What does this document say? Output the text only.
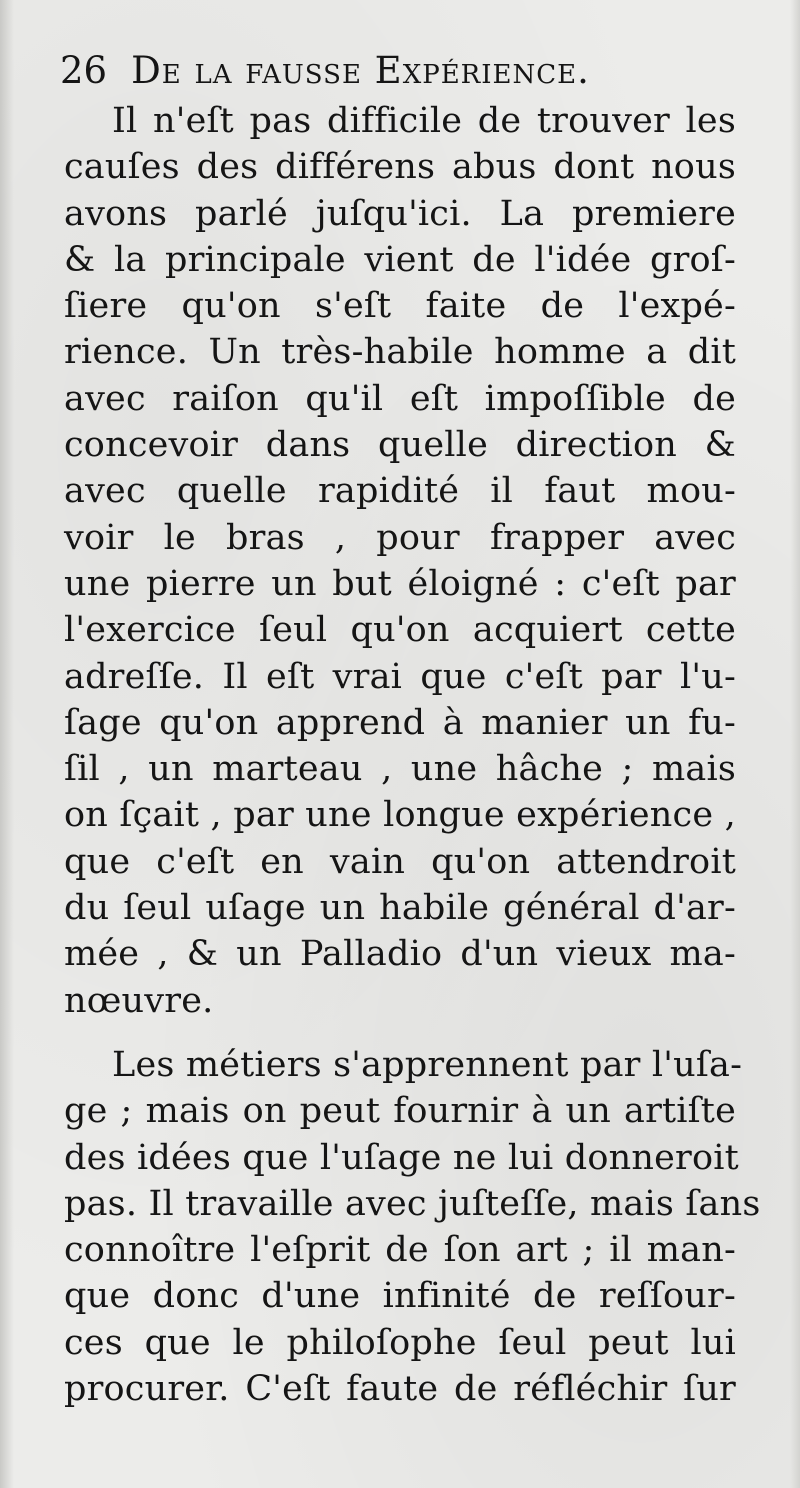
26 De la fausse Expérience.
Il n'eſt pas difficile de trouver les
cauſes des différens abus dont nous
avons parlé juſqu'ici. La premiere
& la principale vient de l'idée groſ-
ſiere qu'on s'eſt faite de l'expé-
rience. Un très-habile homme a dit
avec raiſon qu'il eſt impoſſible de
concevoir dans quelle direction &
avec quelle rapidité il faut mou-
voir le bras , pour frapper avec
une pierre un but éloigné : c'eſt par
l'exercice ſeul qu'on acquiert cette
adreſſe. Il eſt vrai que c'eſt par l'u-
ſage qu'on apprend à manier un fu-
ſil , un marteau , une hâche ; mais
on ſçait , par une longue expérience ,
que c'eſt en vain qu'on attendroit
du ſeul uſage un habile général d'ar-
mée , & un Palladio d'un vieux ma-
nœuvre.
Les métiers s'apprennent par l'uſa-
ge ; mais on peut fournir à un artiſte
des idées que l'uſage ne lui donneroit
pas. Il travaille avec juſteſſe, mais ſans
connoître l'eſprit de ſon art ; il man-
que donc d'une infinité de reſſour-
ces que le philoſophe ſeul peut lui
procurer. C'eſt faute de réfléchir ſur
